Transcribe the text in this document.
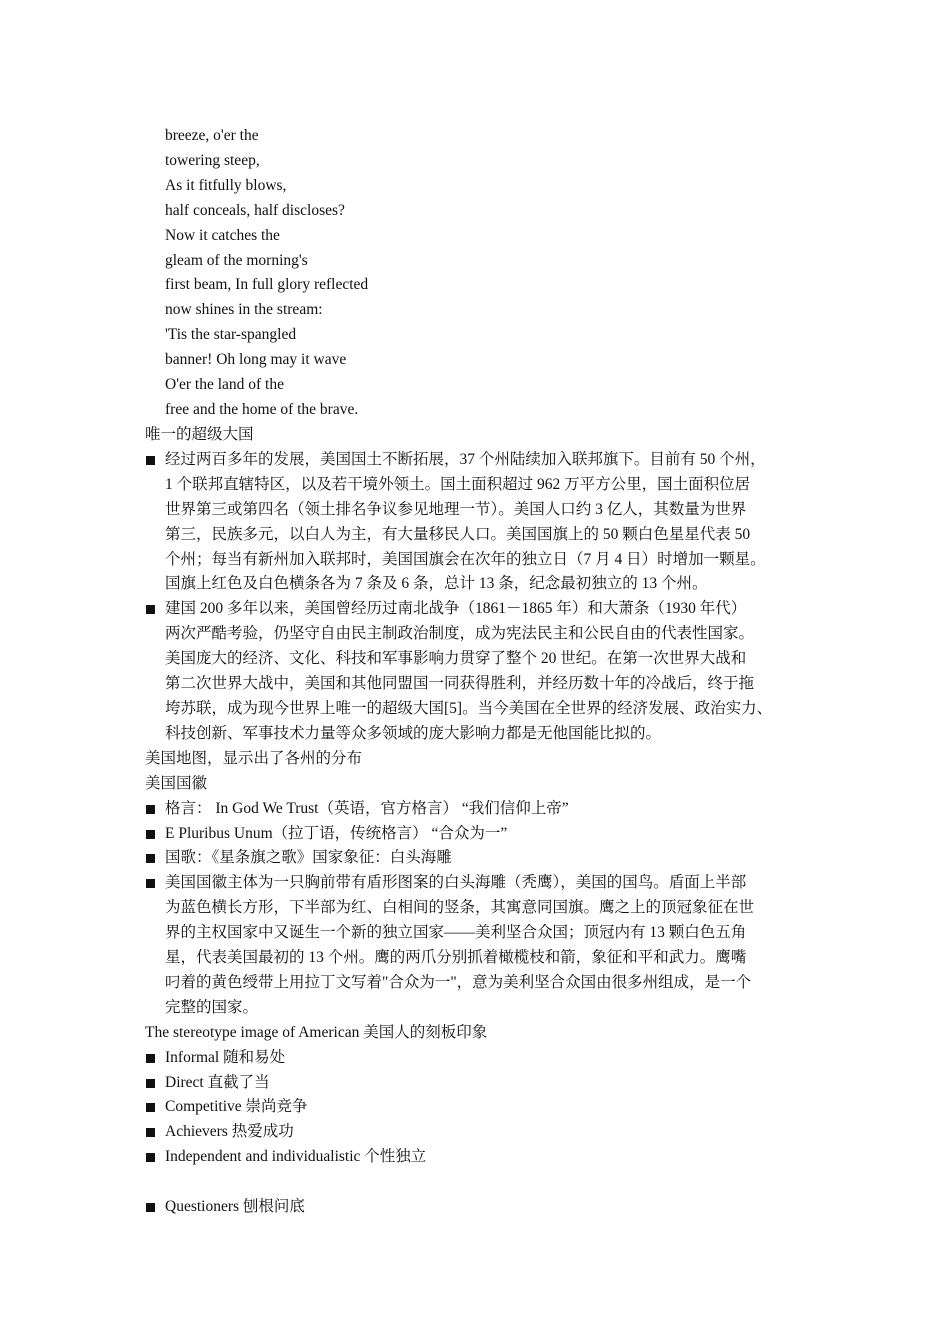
breeze, o'er the
towering steep,
As it fitfully blows,
half conceals, half discloses?
Now it catches the
gleam of the morning's
first beam, In full glory reflected
now shines in the stream:
'Tis the star-spangled
banner! Oh long may it wave
O'er the land of the
free and the home of the brave.
唯一的超级大国
经过两百多年的发展，美国国土不断拓展，37 个州陆续加入联邦旗下。目前有 50 个州，
1 个联邦直辖特区，以及若干境外领土。国土面积超过 962 万平方公里，国土面积位居
世界第三或第四名（领土排名争议参见地理一节）。美国人口约 3 亿人，其数量为世界
第三，民族多元，以白人为主，有大量移民人口。美国国旗上的 50 颗白色星星代表 50
个州；每当有新州加入联邦时，美国国旗会在次年的独立日（7 月 4 日）时增加一颗星。
国旗上红色及白色横条各为 7 条及 6 条，总计 13 条，纪念最初独立的 13 个州。
建国 200 多年以来，美国曾经历过南北战争（1861－1865 年）和大萧条（1930 年代）
两次严酷考验，仍坚守自由民主制政治制度，成为宪法民主和公民自由的代表性国家。
美国庞大的经济、文化、科技和军事影响力贯穿了整个 20 世纪。在第一次世界大战和
第二次世界大战中，美国和其他同盟国一同获得胜利，并经历数十年的冷战后，终于拖
垮苏联，成为现今世界上唯一的超级大国[5]。当今美国在全世界的经济发展、政治实力、
科技创新、军事技术力量等众多领域的庞大影响力都是无他国能比拟的。
美国地图，显示出了各州的分布
美国国徽
格言： In God We Trust（英语，官方格言） “我们信仰上帝”
E Pluribus Unum（拉丁语，传统格言） “合众为一”
国歌：《星条旗之歌》国家象征：白头海雕
美国国徽主体为一只胸前带有盾形图案的白头海雕（秃鹰），美国的国鸟。盾面上半部
为蓝色横长方形，下半部为红、白相间的竖条，其寓意同国旗。鹰之上的顶冠象征在世
界的主权国家中又诞生一个新的独立国家——美利坚合众国；顶冠内有 13 颗白色五角
星，代表美国最初的 13 个州。鹰的两爪分别抓着橄榄枝和箭，象征和平和武力。鹰嘴
叼着的黄色绶带上用拉丁文写着"合众为一"，意为美利坚合众国由很多州组成，是一个
完整的国家。
The stereotype image of American 美国人的刻板印象
Informal 随和易处
Direct 直截了当
Competitive 崇尚竞争
Achievers 热爱成功
Independent and individualistic 个性独立
Questioners 刨根问底
